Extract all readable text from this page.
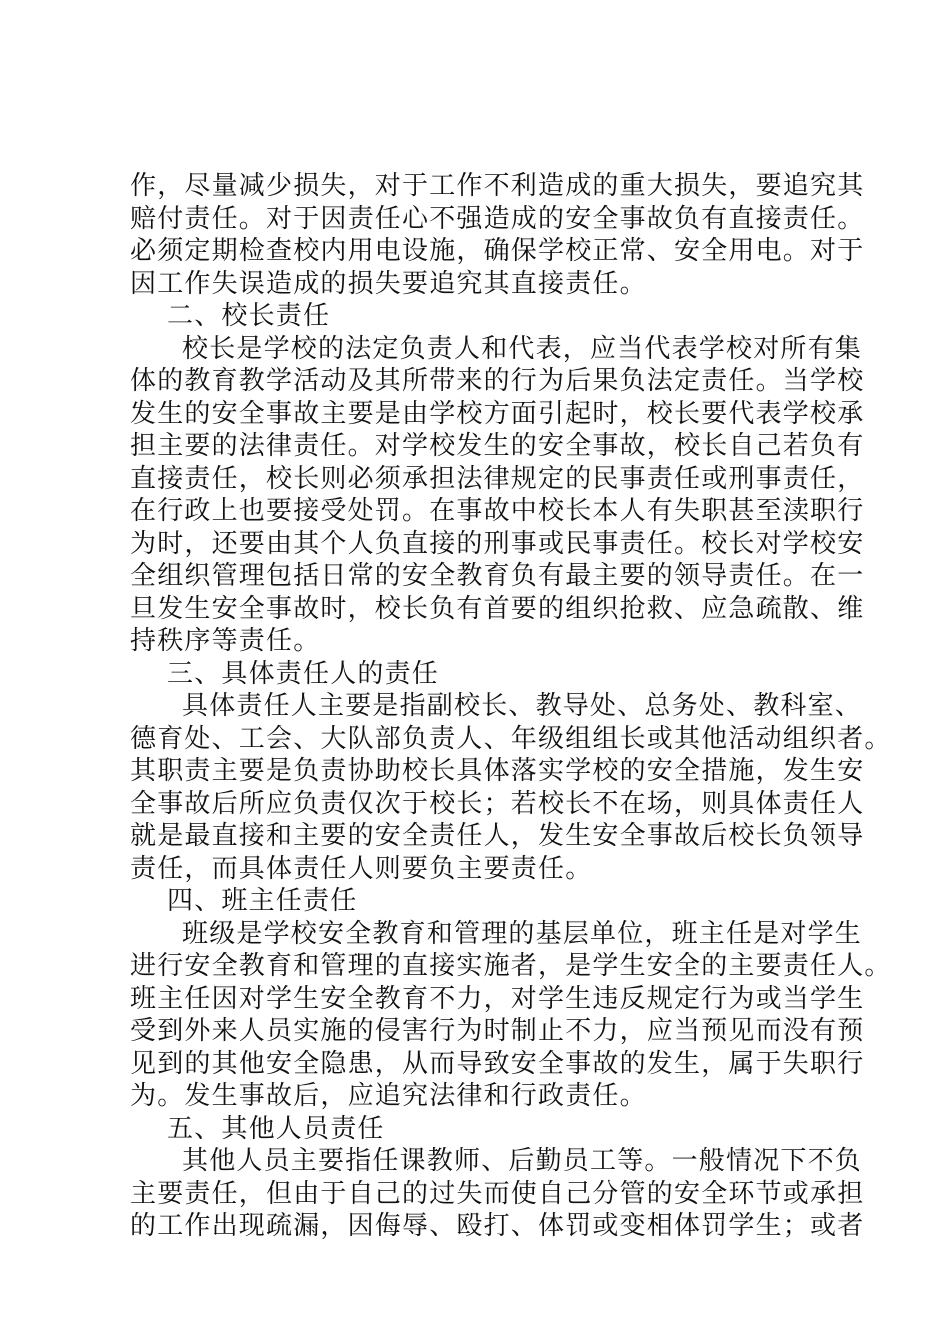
作，尽量减少损失，对于工作不利造成的重大损失，要追究其
赔付责任。对于因责任心不强造成的安全事故负有直接责任。
必须定期检查校内用电设施，确保学校正常、安全用电。对于
因工作失误造成的损失要追究其直接责任。
二、校长责任
校长是学校的法定负责人和代表，应当代表学校对所有集
体的教育教学活动及其所带来的行为后果负法定责任。当学校
发生的安全事故主要是由学校方面引起时，校长要代表学校承
担主要的法律责任。对学校发生的安全事故，校长自己若负有
直接责任，校长则必须承担法律规定的民事责任或刑事责任，
在行政上也要接受处罚。在事故中校长本人有失职甚至渎职行
为时，还要由其个人负直接的刑事或民事责任。校长对学校安
全组织管理包括日常的安全教育负有最主要的领导责任。在一
旦发生安全事故时，校长负有首要的组织抢救、应急疏散、维
持秩序等责任。
三、具体责任人的责任
具体责任人主要是指副校长、教导处、总务处、教科室、
德育处、工会、大队部负责人、年级组组长或其他活动组织者。
其职责主要是负责协助校长具体落实学校的安全措施，发生安
全事故后所应负责仅次于校长；若校长不在场，则具体责任人
就是最直接和主要的安全责任人，发生安全事故后校长负领导
责任，而具体责任人则要负主要责任。
四、班主任责任
班级是学校安全教育和管理的基层单位，班主任是对学生
进行安全教育和管理的直接实施者，是学生安全的主要责任人。
班主任因对学生安全教育不力，对学生违反规定行为或当学生
受到外来人员实施的侵害行为时制止不力，应当预见而没有预
见到的其他安全隐患，从而导致安全事故的发生，属于失职行
为。发生事故后，应追究法律和行政责任。
五、其他人员责任
其他人员主要指任课教师、后勤员工等。一般情况下不负
主要责任，但由于自己的过失而使自己分管的安全环节或承担
的工作出现疏漏，因侮辱、殴打、体罚或变相体罚学生；或者
